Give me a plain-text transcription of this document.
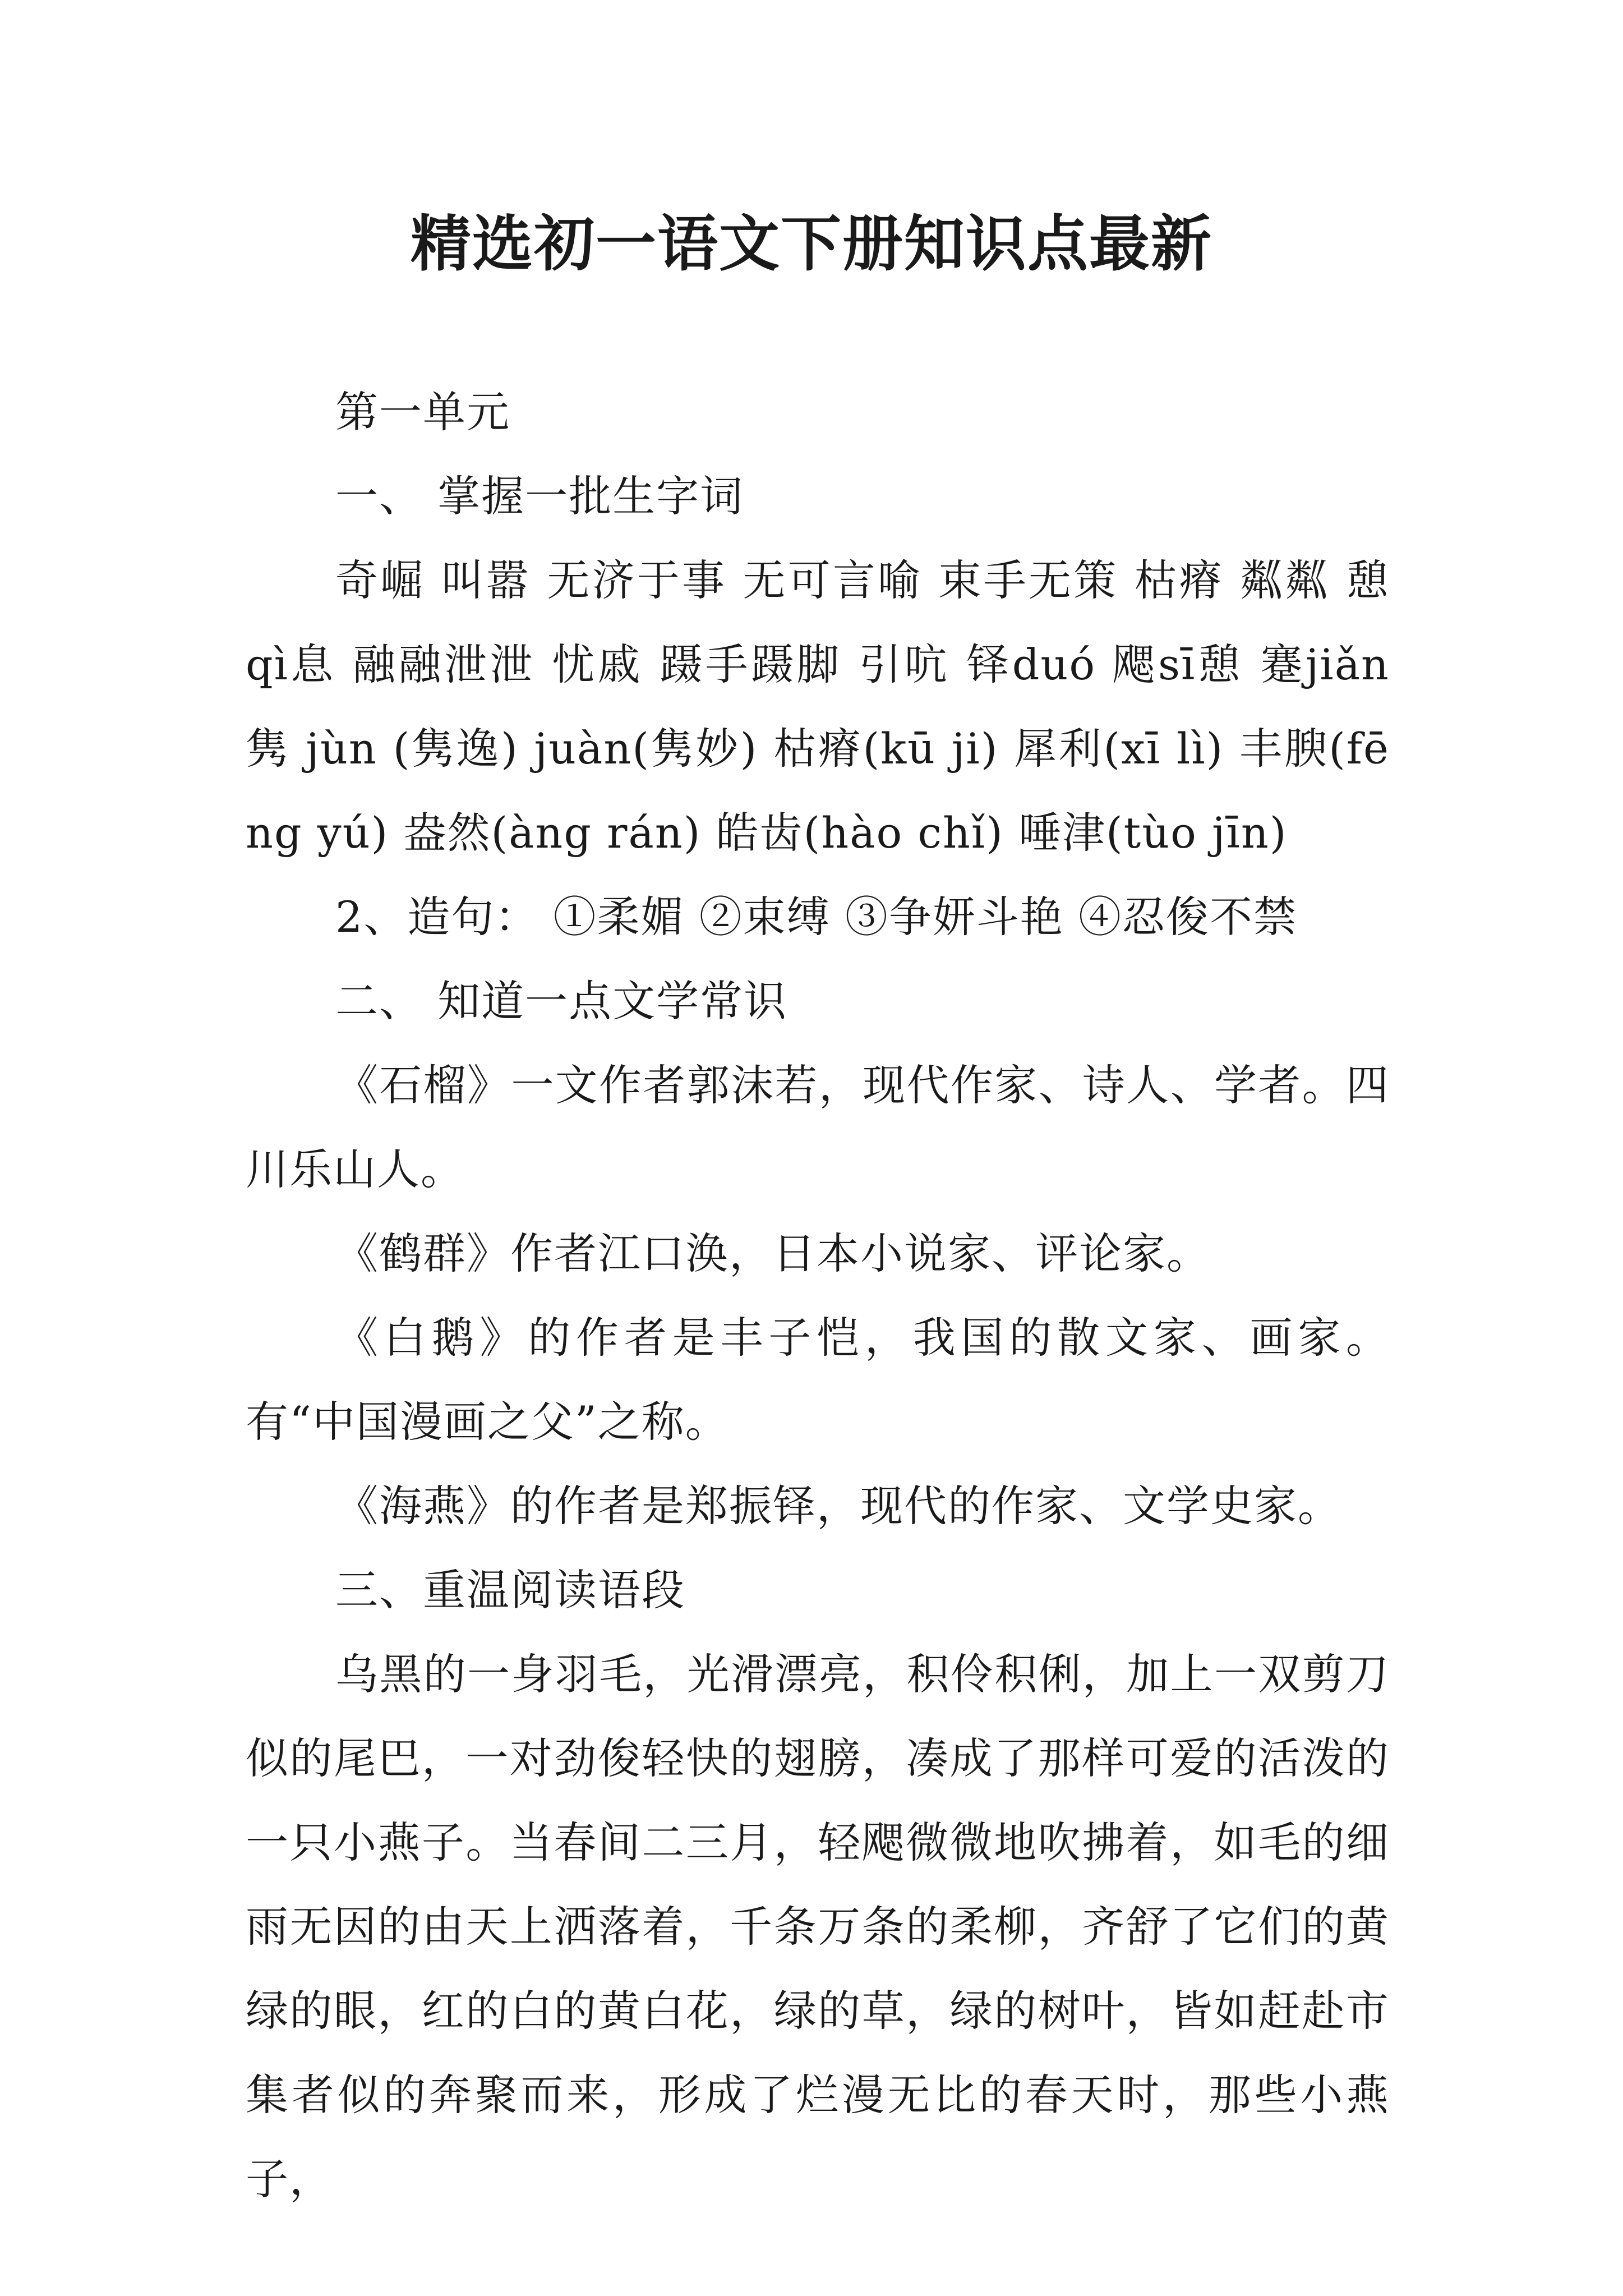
精选初一语文下册知识点最新

第一单元

一、 掌握一批生字词

奇崛 叫嚣 无济于事 无可言喻 束手无策 枯瘠 粼粼 憩 qì息 融融泄泄 忧戚 蹑手蹑脚 引吭 铎duó 飔sī憩 蹇jiǎn 隽 jùn (隽逸) juàn(隽妙) 枯瘠(kū ji) 犀利(xī lì) 丰腴(fēng yú) 盎然(àng rán) 皓齿(hào chǐ) 唾津(tùo jīn)

2、造句： ①柔媚 ②束缚 ③争妍斗艳 ④忍俊不禁

二、 知道一点文学常识

《石榴》一文作者郭沫若，现代作家、诗人、学者。四川乐山人。

《鹤群》作者江口涣，日本小说家、评论家。

《白鹅》的作者是丰子恺，我国的散文家、画家。有“中国漫画之父”之称。

《海燕》的作者是郑振铎，现代的作家、文学史家。

三、重温阅读语段

乌黑的一身羽毛，光滑漂亮，积伶积俐，加上一双剪刀似的尾巴，一对劲俊轻快的翅膀，凑成了那样可爱的活泼的一只小燕子。当春间二三月，轻飔微微地吹拂着，如毛的细雨无因的由天上洒落着，千条万条的柔柳，齐舒了它们的黄绿的眼，红的白的黄白花，绿的草，绿的树叶，皆如赶赴市集者似的奔聚而来，形成了烂漫无比的春天时，那些小燕子，
